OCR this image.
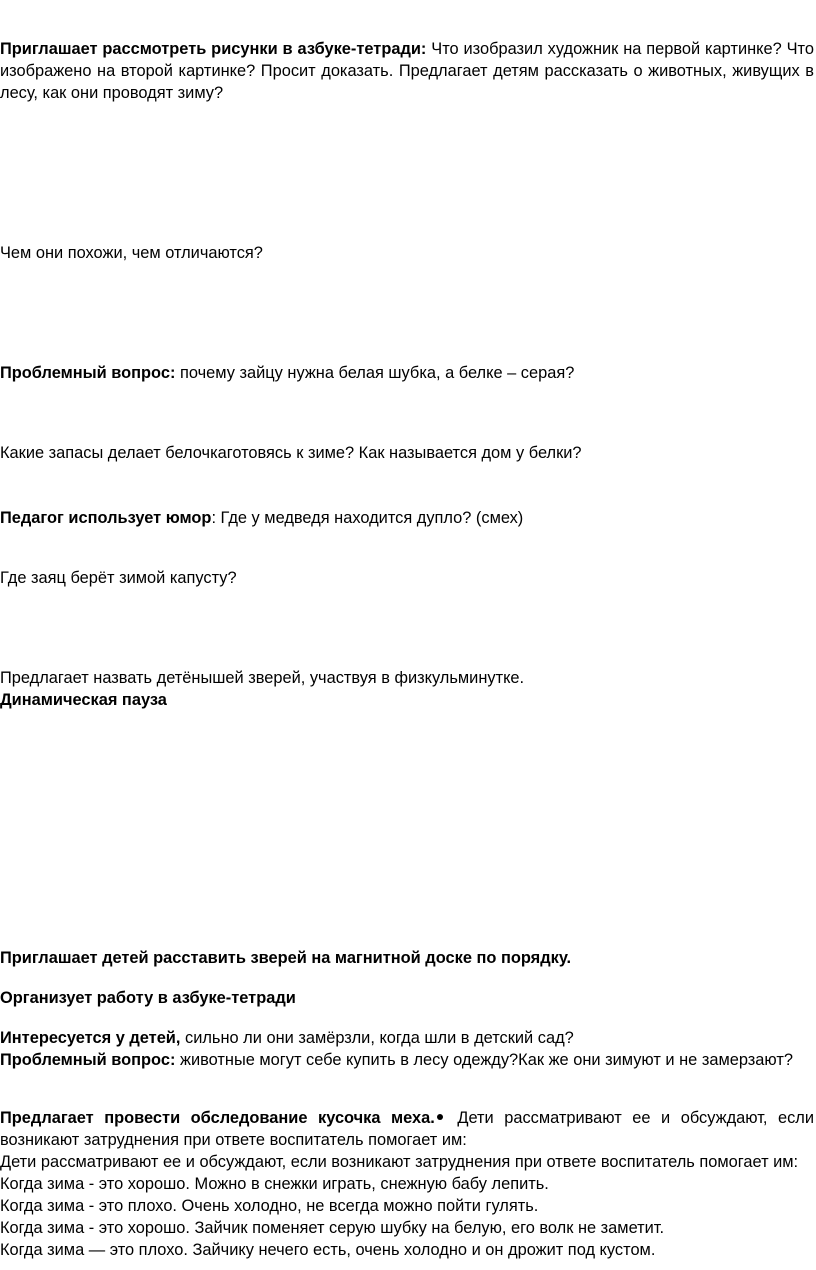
Приглашает рассмотреть рисунки в азбуке-тетради: Что изобразил художник на первой картинке? Что изображено на второй картинке? Просит доказать. Предлагает детям рассказать о животных, живущих в лесу, как они проводят зиму?

Чем они похожи, чем отличаются?

Проблемный вопрос: почему зайцу нужна белая шубка, а белке – серая?

Какие запасы делает белочкаготовясь к зиме? Как называется дом у белки?

Педагог использует юмор: Где у медведя находится дупло? (смех)

Где заяц берёт зимой капусту?

Предлагает назвать детёнышей зверей, участвуя в физкульминутке.
Динамическая пауза

Приглашает детей расставить зверей на магнитной доске по порядку.

Организует работу в азбуке-тетради

Интересуется у детей, сильно ли они замёрзли, когда шли в детский сад?
Проблемный вопрос: животные могут себе купить в лесу одежду?Как же они зимуют и не замерзают?

Предлагает провести обследование кусочка меха. Дети рассматривают ее и обсуждают, если возникают затруднения при ответе воспитатель помогает им:
Дети рассматривают ее и обсуждают, если возникают затруднения при ответе воспитатель помогает им:
Когда зима - это хорошо. Можно в снежки играть, снежную бабу лепить.
Когда зима - это плохо. Очень холодно, не всегда можно пойти гулять.
Когда зима - это хорошо. Зайчик поменяет серую шубку на белую, его волк не заметит.
Когда зима — это плохо. Зайчику нечего есть, очень холодно и он дрожит под кустом.
